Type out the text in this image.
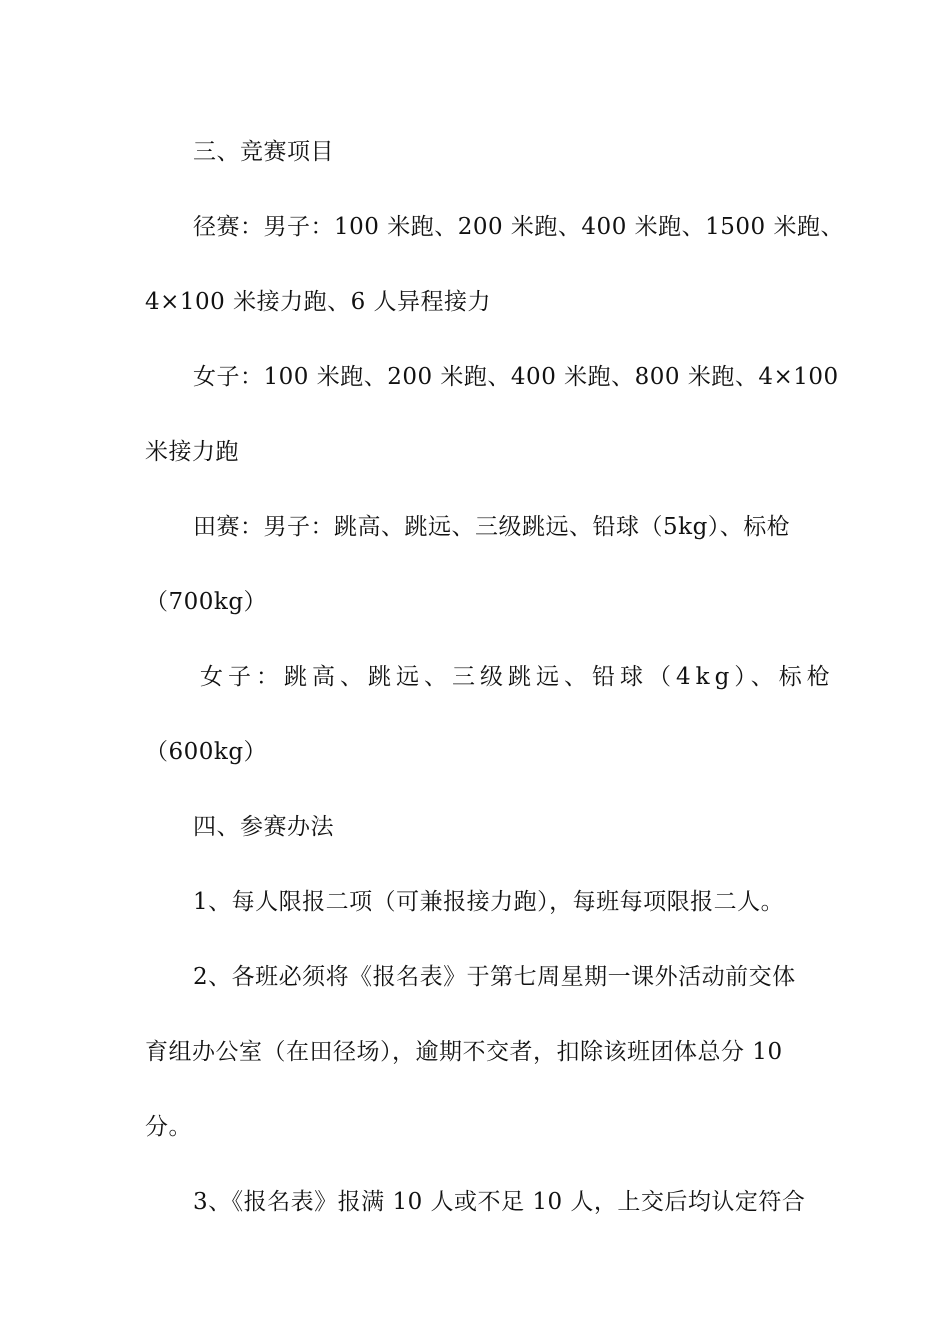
三、竞赛项目
径赛：男子：100 米跑、200 米跑、400 米跑、1500 米跑、
4×100 米接力跑、6 人异程接力
女子：100 米跑、200 米跑、400 米跑、800 米跑、4×100
米接力跑
田赛：男子：跳高、跳远、三级跳远、铅球（5kg）、标枪
（700kg）
女子：跳高、跳远、三级跳远、铅球（4kg）、标枪
（600kg）
四、参赛办法
1、每人限报二项（可兼报接力跑），每班每项限报二人。
2、各班必须将《报名表》于第七周星期一课外活动前交体
育组办公室（在田径场），逾期不交者，扣除该班团体总分 10
分。
3、《报名表》报满 10 人或不足 10 人，上交后均认定符合
